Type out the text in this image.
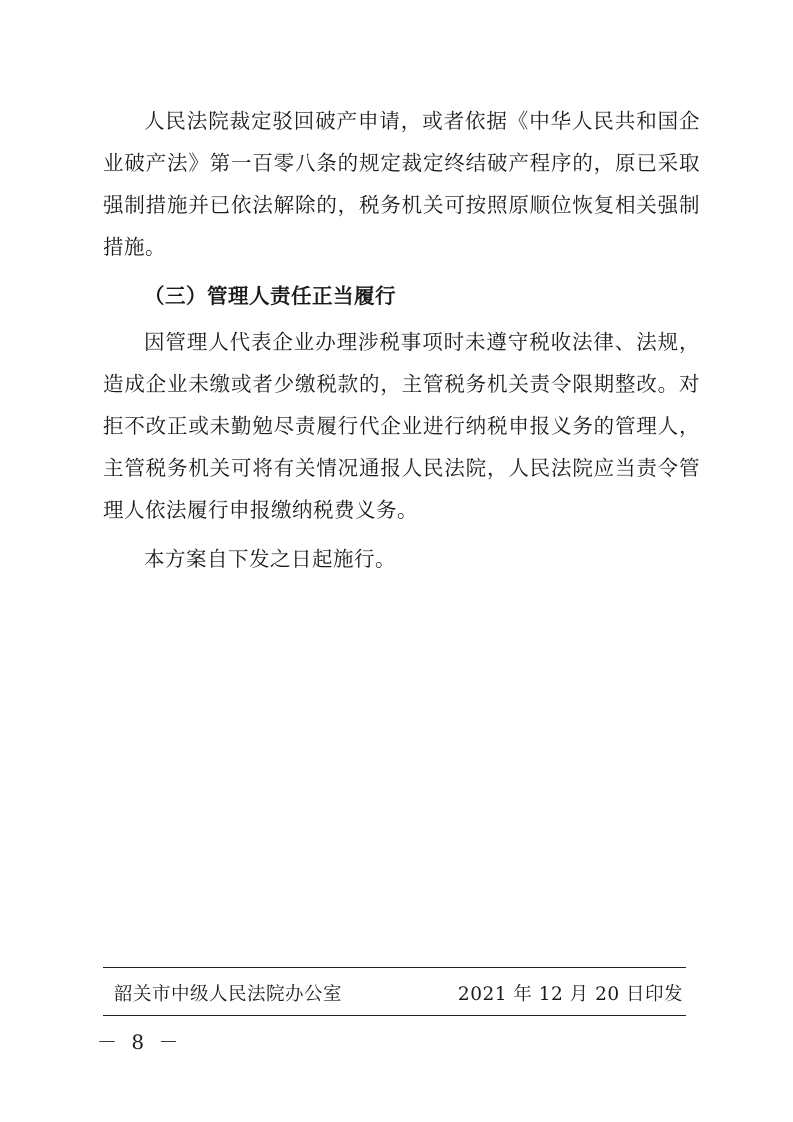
人民法院裁定驳回破产申请，或者依据《中华人民共和国企业破产法》第一百零八条的规定裁定终结破产程序的，原已采取强制措施并已依法解除的，税务机关可按照原顺位恢复相关强制措施。

（三）管理人责任正当履行

因管理人代表企业办理涉税事项时未遵守税收法律、法规，造成企业未缴或者少缴税款的，主管税务机关责令限期整改。对拒不改正或未勤勉尽责履行代企业进行纳税申报义务的管理人，主管税务机关可将有关情况通报人民法院，人民法院应当责令管理人依法履行申报缴纳税费义务。

本方案自下发之日起施行。

韶关市中级人民法院办公室	2021 年 12 月 20 日印发
－ 8 －
